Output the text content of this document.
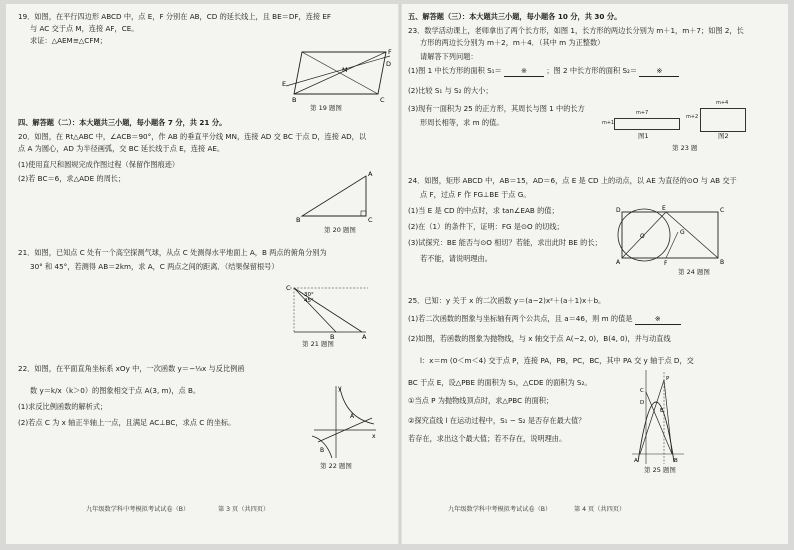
19．如图，在平行四边形 ABCD 中，点 E，F 分别在 AB，CD 的延长线上，且 BE＝DF，连接 EF
与 AC 交于点 M，连接 AF，CE。
求证：△AEM≌△CFM；
B	C
D
M
E
F
第 19 题图
四、解答题（二）：本大题共三小题，每小题各 7 分，共 21 分。
20．如图，在 Rt△ABC 中，∠ACB＝90°，作 AB 的垂直平分线 MN，连接 AD 交 BC 于点 D，连接 AD，以
点 A 为圆心，AD 为半径画弧，交 BC 延长线于点 E，连接 AE。
(1)使用直尺和圆规完成作图过程（保留作图痕迹）
(2)若 BC＝6，求△ADE 的周长；
B	C
A
第 20 题图
21．如图，已知点 C 处有一个高空探测气球，从点 C 处测得水平地面上 A，B 两点的俯角分别为
30° 和 45°，若测得 AB＝2km，求 A，C 两点之间的距离．（结果保留根号）
C
B	A
30°
45°
第 21 题图
22．如图，在平面直角坐标系 xOy 中，一次函数 y＝−⅓x 与反比例函
数 y＝k/x（k＞0）的图象相交于点 A(3, m)，点 B。
(1)求反比例函数的解析式；
(2)若点 C 为 x 轴正半轴上一点，且满足 AC⊥BC，求点 C 的坐标。
y
x
A
B
第 22 题图
九年级数学科中考模拟考试试卷（B）	第 3 页（共四页）
五、解答题（三）：本大题共三小题，每小题各 10 分，共 30 分。
23．数学活动课上，老师拿出了两个长方形，如图 1，长方形的两边长分别为 m＋1，m＋7；如图 2，长
方形的两边长分别为 m＋2，m＋4．（其中 m 为正整数）
请解答下列问题：
(1)图 1 中长方形的面积 S₁＝	※	；图 2 中长方形的面积 S₂＝	※
(2)比较 S₁ 与 S₂ 的大小；
(3)现有一面积为 25 的正方形，其周长与图 1 中的长方
形周长相等，求 m 的值。
m+7
m+1
图1
m+4
m+2
图2
第 23 题
24．如图，矩形 ABCD 中，AB＝15，AD＝6，点 E 是 CD 上的动点，以 AE 为直径的⊙O 与 AB 交于
点 F，过点 F 作 FG⊥BE 于点 G。
(1)当 E 是 CD 的中点时，求 tan∠EAB 的值；
(2)在（1）的条件下，证明：FG 是⊙O 的切线；
(3)试探究：BE 能否与⊙O 相切？若能，求出此时 BE 的长；
若不能，请说明理由。
D	E	C
A	F	B
G
O
第 24 题图
25．已知：y 关于 x 的二次函数 y＝(a−2)x²＋(a＋1)x＋b。
(1)若二次函数的图象与坐标轴有两个公共点，且 a＝46，则 m 的值是	※
(2)如图，若函数的图象为抛物线，与 x 轴交于点 A(−2, 0)，B(4, 0)，并与动直线
l：x＝m (0＜m＜4) 交于点 P，连接 PA，PB，PC，BC，其中 PA 交 y 轴于点 D，交
BC 于点 E，设△PBE 的面积为 S₁，△CDE 的面积为 S₂。
①当点 P 为抛物线顶点时，求△PBC 的面积；
②探究直线 l 在运动过程中，S₁ − S₂ 是否存在最大值？
若存在，求出这个最大值；若不存在，说明理由。
C
D
P
E
A	B
第 25 题图
九年级数学科中考模拟考试试卷（B）	第 4 页（共四页）
